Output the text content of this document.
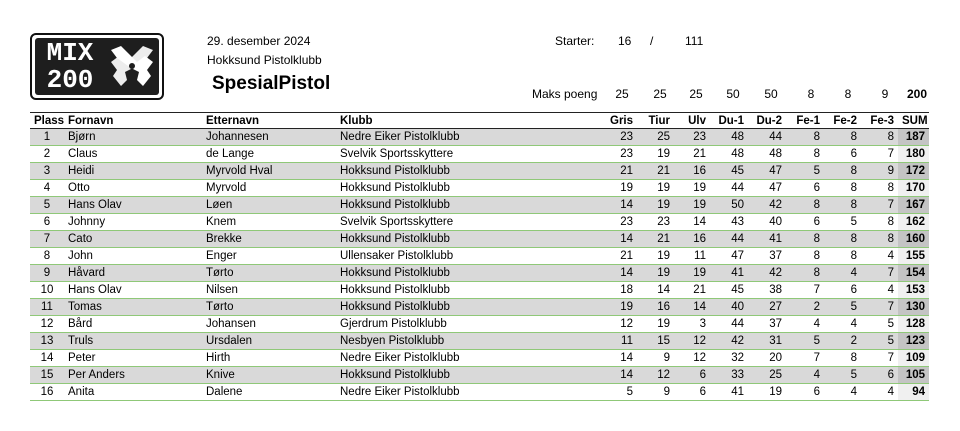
MIX
200
29. desember 2024
Hokksund Pistolklubb
SpesialPistol
Starter: 16 /	111
Maks poeng 25 25 25 50 50	8	8	9	200
Plass	Fornavn	Etternavn	Klubb	Gris	Tiur	Ulv	Du-1	Du-2	Fe-1	Fe-2	Fe-3	SUM
1	Bjørn	Johannesen	Nedre Eiker Pistolklubb	23	25	23	48	44	8	8	8	187
2	Claus	de Lange	Svelvik Sportsskyttere	23	19	21	48	48	8	6	7	180
3	Heidi	Myrvold Hval	Hokksund Pistolklubb	21	21	16	45	47	5	8	9	172
4	Otto	Myrvold	Hokksund Pistolklubb	19	19	19	44	47	6	8	8	170
5	Hans Olav	Løen	Hokksund Pistolklubb	14	19	19	50	42	8	8	7	167
6	Johnny	Knem	Svelvik Sportsskyttere	23	23	14	43	40	6	5	8	162
7	Cato	Brekke	Hokksund Pistolklubb	14	21	16	44	41	8	8	8	160
8	John	Enger	Ullensaker Pistolklubb	21	19	11	47	37	8	8	4	155
9	Håvard	Tørto	Hokksund Pistolklubb	14	19	19	41	42	8	4	7	154
10	Hans Olav	Nilsen	Hokksund Pistolklubb	18	14	21	45	38	7	6	4	153
11	Tomas	Tørto	Hokksund Pistolklubb	19	16	14	40	27	2	5	7	130
12	Bård	Johansen	Gjerdrum Pistolklubb	12	19	3	44	37	4	4	5	128
13	Truls	Ursdalen	Nesbyen Pistolklubb	11	15	12	42	31	5	2	5	123
14	Peter	Hirth	Nedre Eiker Pistolklubb	14	9	12	32	20	7	8	7	109
15	Per Anders	Knive	Hokksund Pistolklubb	14	12	6	33	25	4	5	6	105
16	Anita	Dalene	Nedre Eiker Pistolklubb	5	9	6	41	19	6	4	4	94
